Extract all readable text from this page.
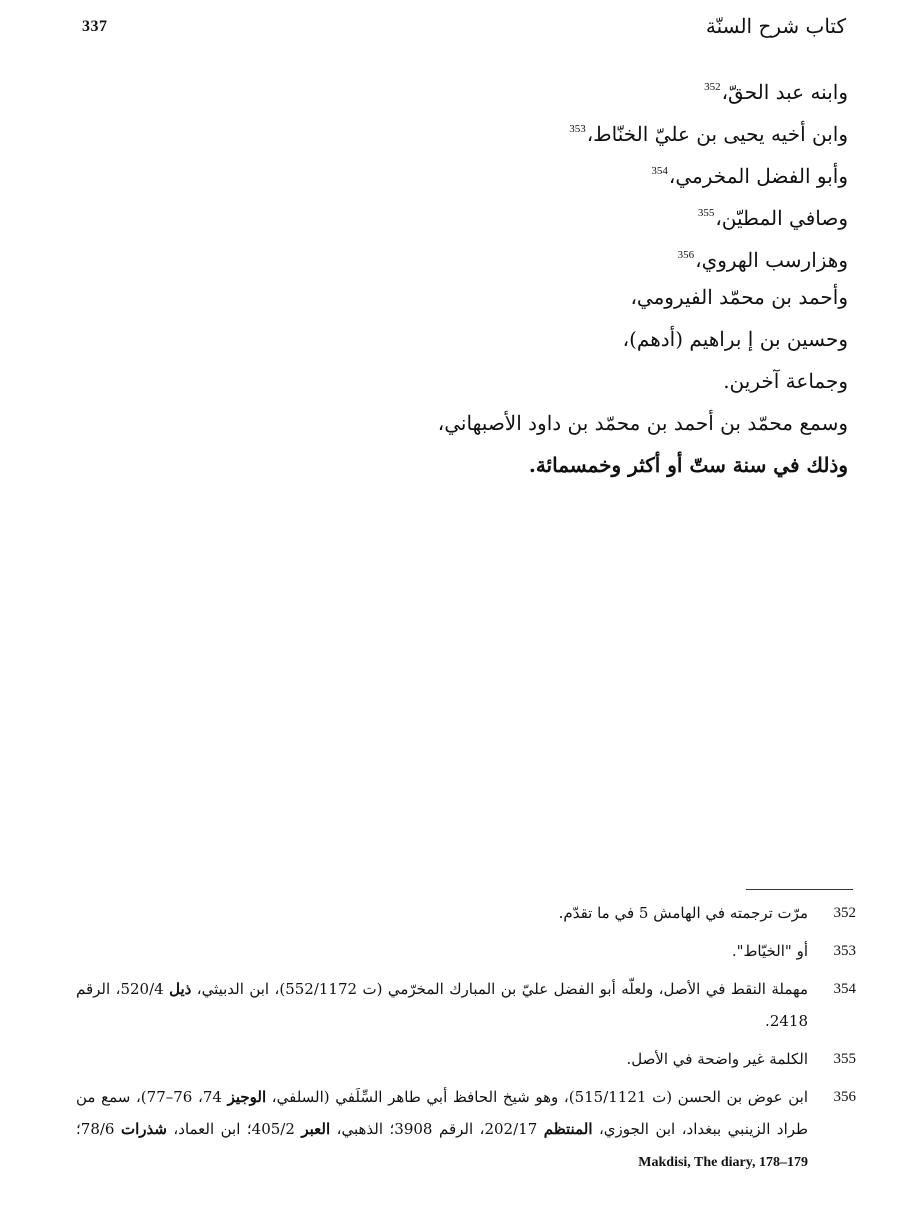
337	كتاب شرح السنّة
وابنه عبد الحقّ،$^{352}$
وابن أخيه يحيى بن عليّ الخنّاط،$^{353}$
وأبو الفضل المخرمي،$^{354}$
وصافي المطيّن،$^{355}$
وهزارسب الهروي،$^{356}$
وأحمد بن محمّد الفيرومي،
وحسين بن إ براهيم (أدهم)،
وجماعة آخرين.
وسمع محمّد بن أحمد بن محمّد بن داود الأصبهاني،
وذلك في سنة ستّ أو أكثر وخمسمائة.
352
مرّت ترجمته في الهامش 5 في ما تقدّم.
353
أو "الخيّاط".
354
مهملة النقط في الأصل، ولعلّه أبو الفضل عليّ بن المبارك المخرّمي (ت 552/1172)، ابن الدبيثي، ذيل 520/4، الرقم 2418.
355
الكلمة غير واضحة في الأصل.
356
ابن عوض بن الحسن (ت 515/1121)، وهو شيخ الحافظ أبي طاهر السِّلَفي (السلفي، الوجيز 74، 76–77)، سمع من طراد الزينبي ببغداد، ابن الجوزي، المنتظم 202/17، الرقم 3908؛ الذهبي، العبر 405/2؛ ابن العماد، شذرات 78/6؛ Makdisi, The diary, 178–179
